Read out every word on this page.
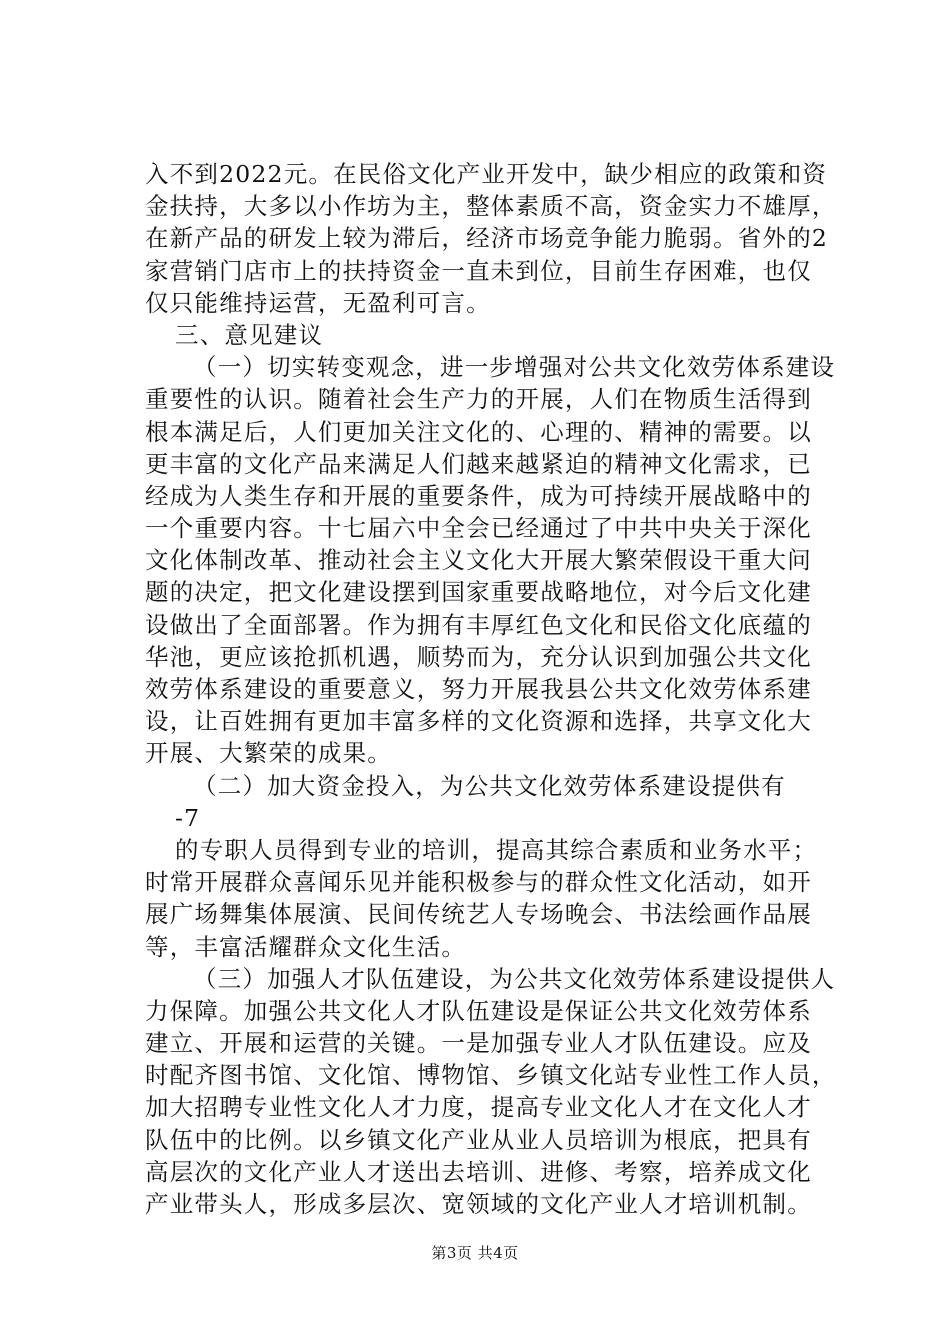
入不到2022元。在民俗文化产业开发中，缺少相应的政策和资
金扶持，大多以小作坊为主，整体素质不高，资金实力不雄厚，
在新产品的研发上较为滞后，经济市场竞争能力脆弱。省外的2
家营销门店市上的扶持资金一直未到位，目前生存困难，也仅
仅只能维持运营，无盈利可言。
三、意见建议
（一）切实转变观念，进一步增强对公共文化效劳体系建设
重要性的认识。随着社会生产力的开展，人们在物质生活得到
根本满足后，人们更加关注文化的、心理的、精神的需要。以
更丰富的文化产品来满足人们越来越紧迫的精神文化需求，已
经成为人类生存和开展的重要条件，成为可持续开展战略中的
一个重要内容。十七届六中全会已经通过了中共中央关于深化
文化体制改革、推动社会主义文化大开展大繁荣假设干重大问
题的决定，把文化建设摆到国家重要战略地位，对今后文化建
设做出了全面部署。作为拥有丰厚红色文化和民俗文化底蕴的
华池，更应该抢抓机遇，顺势而为，充分认识到加强公共文化
效劳体系建设的重要意义，努力开展我县公共文化效劳体系建
设，让百姓拥有更加丰富多样的文化资源和选择，共享文化大
开展、大繁荣的成果。
（二）加大资金投入，为公共文化效劳体系建设提供有
-7
的专职人员得到专业的培训，提高其综合素质和业务水平；
时常开展群众喜闻乐见并能积极参与的群众性文化活动，如开
展广场舞集体展演、民间传统艺人专场晚会、书法绘画作品展
等，丰富活耀群众文化生活。
（三）加强人才队伍建设，为公共文化效劳体系建设提供人
力保障。加强公共文化人才队伍建设是保证公共文化效劳体系
建立、开展和运营的关键。一是加强专业人才队伍建设。应及
时配齐图书馆、文化馆、博物馆、乡镇文化站专业性工作人员，
加大招聘专业性文化人才力度，提高专业文化人才在文化人才
队伍中的比例。以乡镇文化产业从业人员培训为根底，把具有
高层次的文化产业人才送出去培训、进修、考察，培养成文化
产业带头人，形成多层次、宽领域的文化产业人才培训机制。
第3页 共4页
